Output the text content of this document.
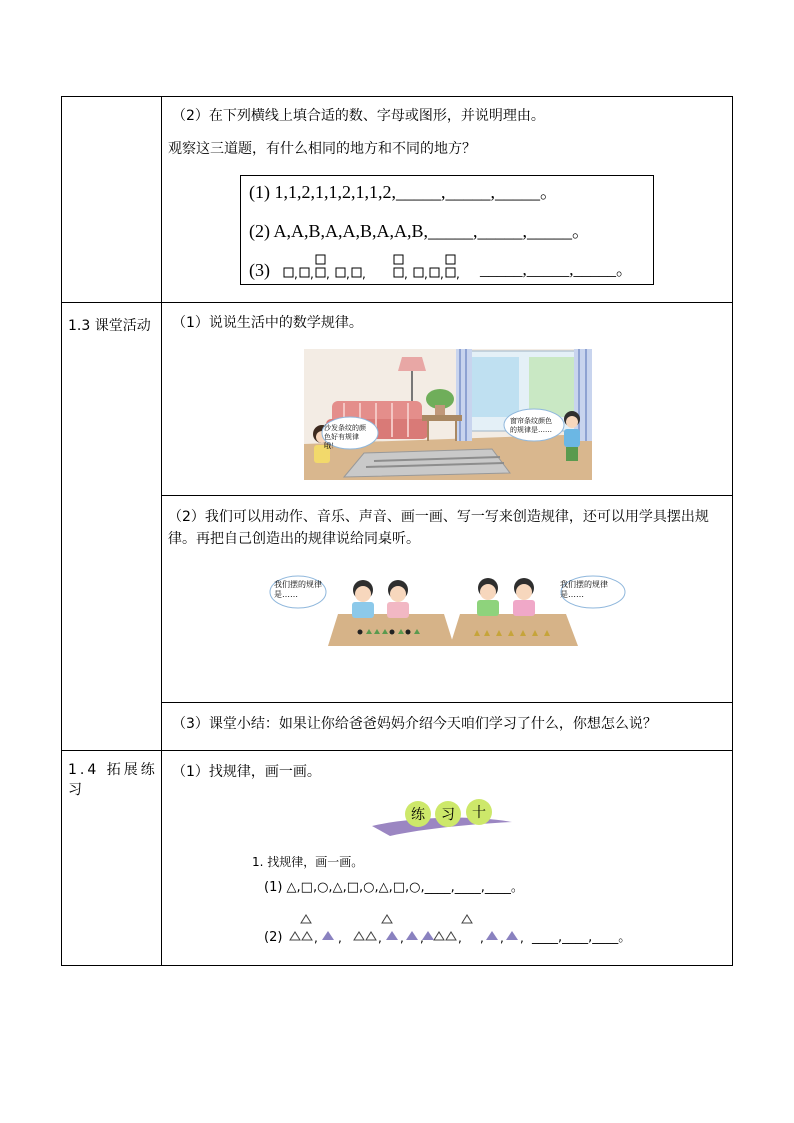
（2）在下列横线上填合适的数、字母或图形，并说明理由。
观察这三道题，有什么相同的地方和不同的地方？
(1) 1,1,2,1,1,2,1,1,2,_____,_____,_____。
(2) A,A,B,A,A,B,A,A,B,_____,_____,_____。
(3) , , , , ,	, , , , _____,_____,_____。
1.3 课堂活动 （1）说说生活中的数学规律。
沙发条纹的颜色好有规律哦！
窗帘条纹颜色的规律是……
（2）我们可以用动作、音乐、声音、画一画、写一写来创造规律，还可以用学具摆出规律。再把自己创造出的规律说给同桌听。
我们摆的规律是……
我们摆的规律是……
（3）课堂小结：如果让你给爸爸妈妈介绍今天咱们学习了什么，你想怎么说？
1.4 拓展练习
（1）找规律，画一画。
练 习 十
1. 找规律，画一画。
(1) △,□,○,△,□,○,△,□,○,____,____,____。
(2)	, ,	, , ,	, , , , ____,____,____。
